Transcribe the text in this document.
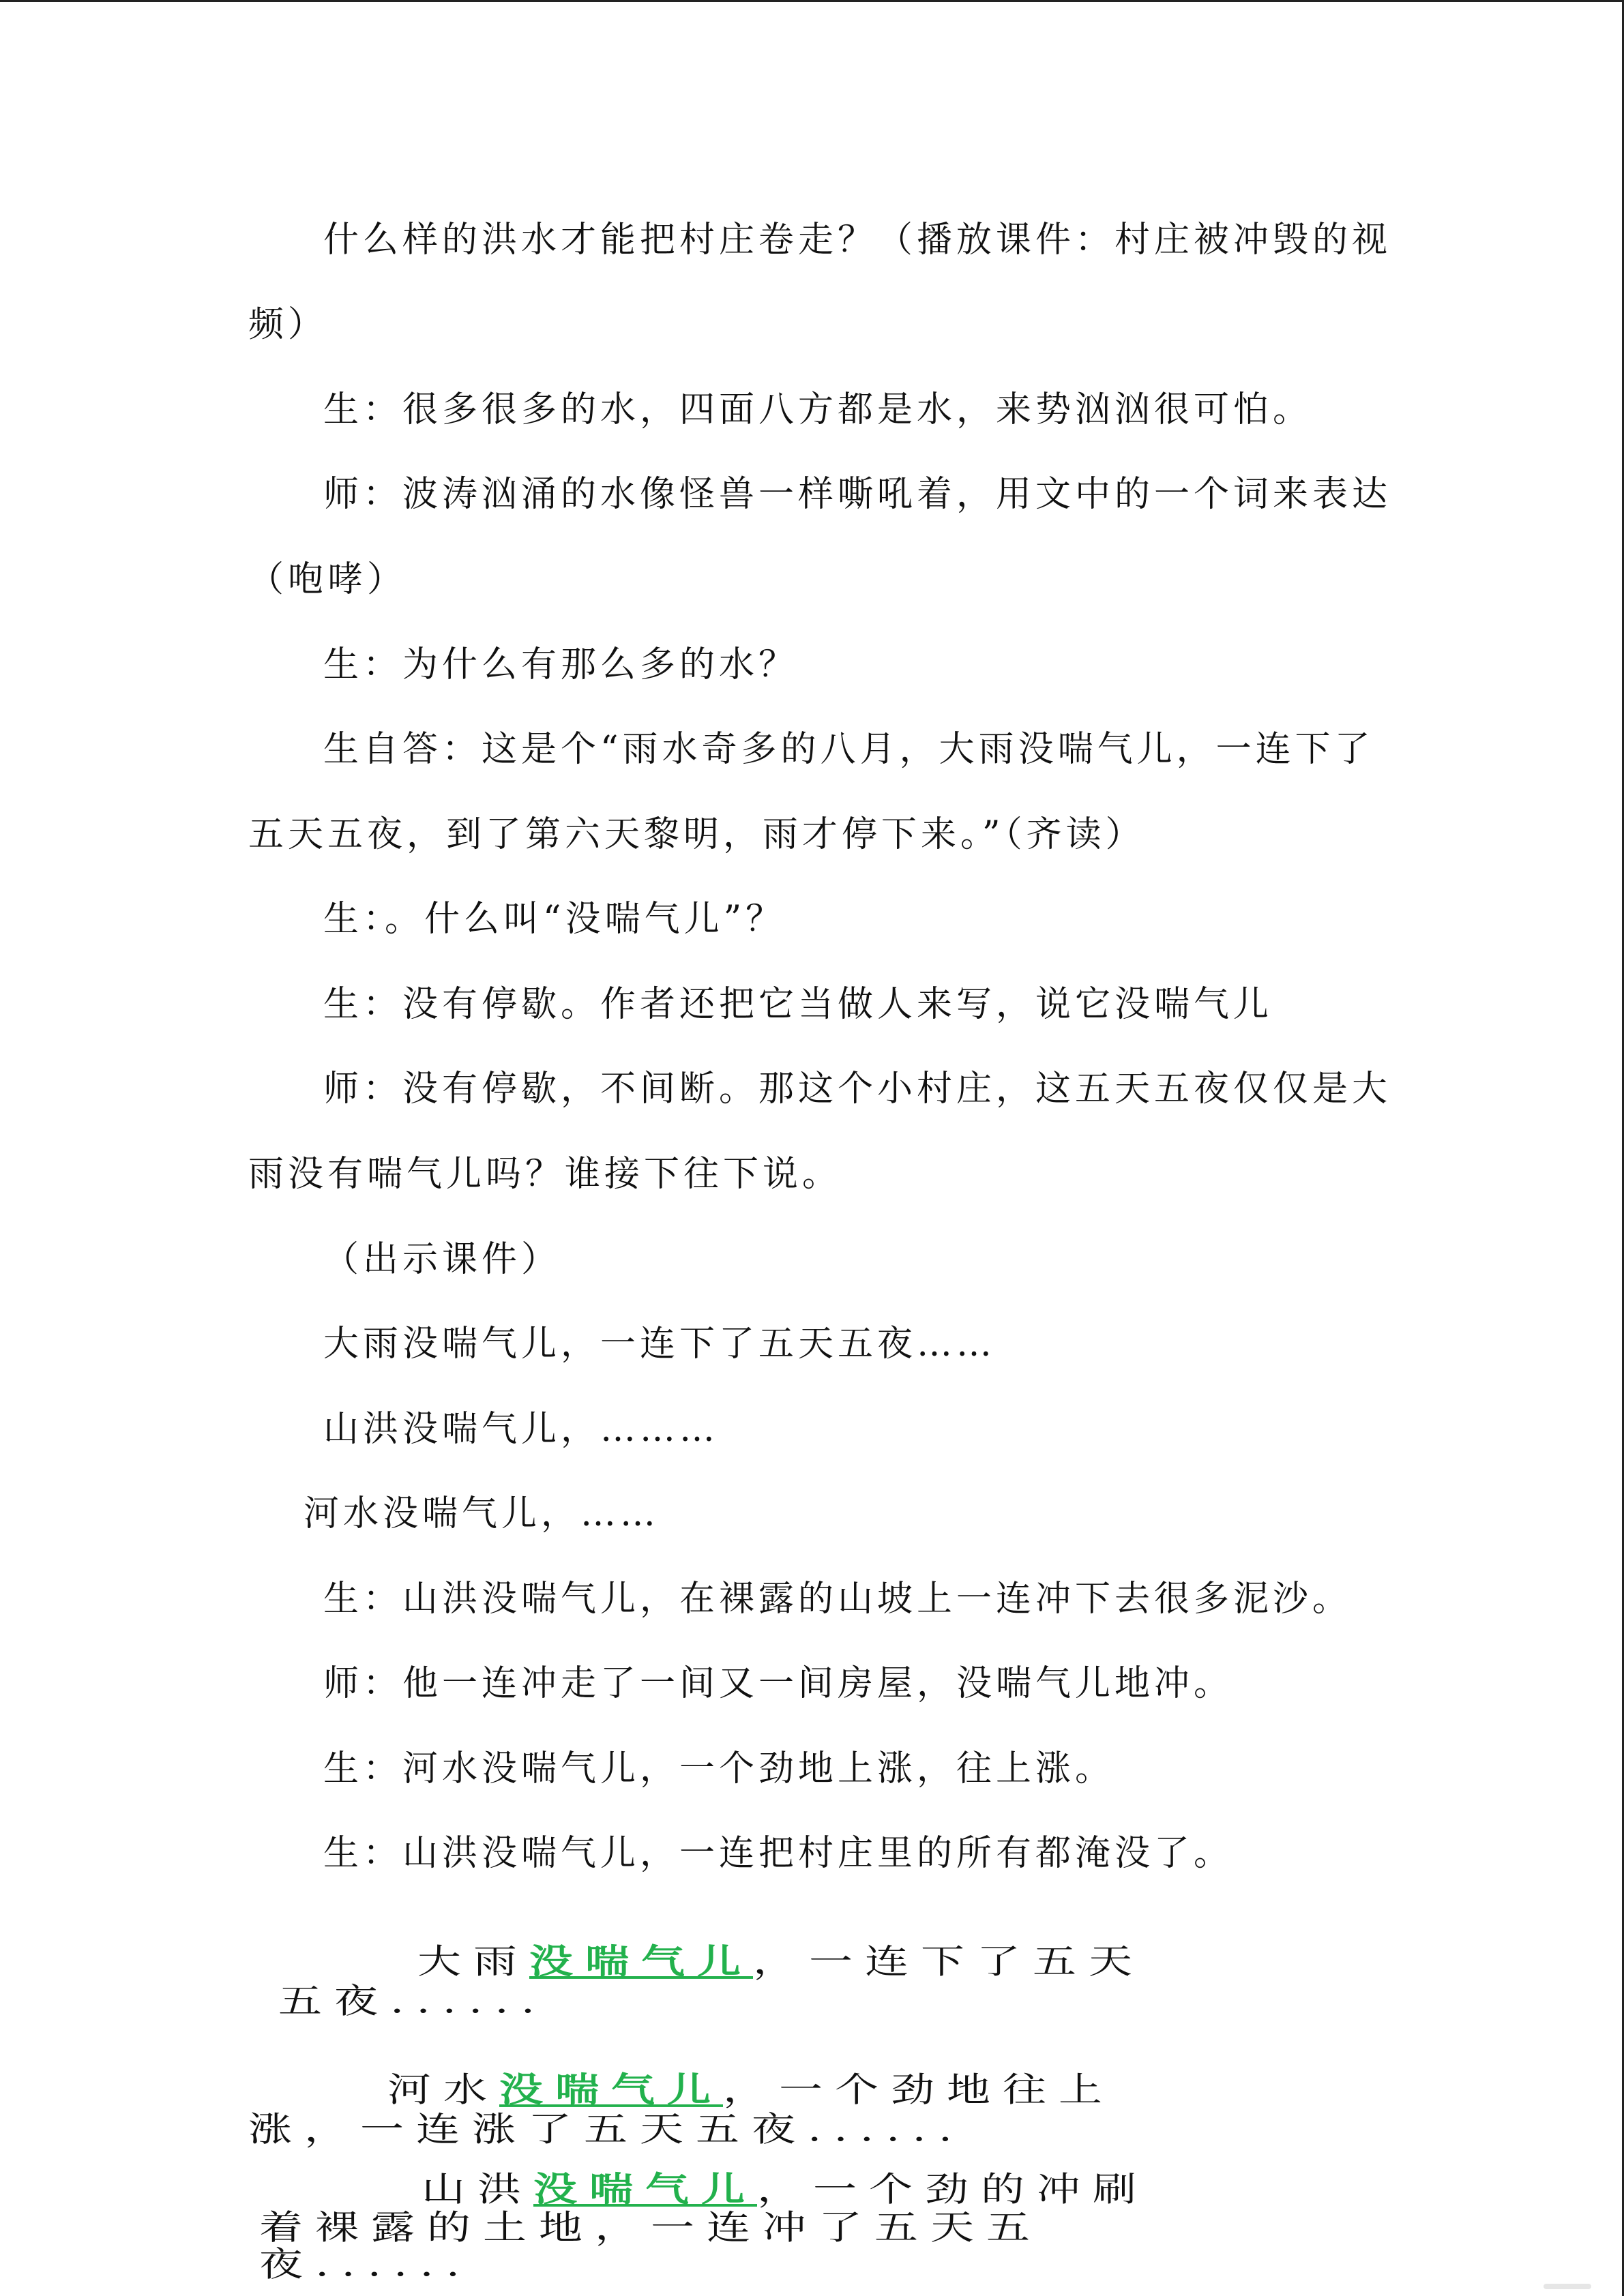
什么样的洪水才能把村庄卷走？（播放课件：村庄被冲毁的视
频）
生：很多很多的水，四面八方都是水，来势汹汹很可怕。
师：波涛汹涌的水像怪兽一样嘶吼着，用文中的一个词来表达
（咆哮）
生：为什么有那么多的水？
生自答：这是个“雨水奇多的八月，大雨没喘气儿，一连下了
五天五夜，到了第六天黎明，雨才停下来。”（齐读）
生：。什么叫“没喘气儿”？
生：没有停歇。作者还把它当做人来写，说它没喘气儿
师：没有停歇，不间断。那这个小村庄，这五天五夜仅仅是大
雨没有喘气儿吗？谁接下往下说。
（出示课件）
大雨没喘气儿，一连下了五天五夜……
山洪没喘气儿，………
河水没喘气儿，……
生：山洪没喘气儿，在裸露的山坡上一连冲下去很多泥沙。
师：他一连冲走了一间又一间房屋，没喘气儿地冲。
生：河水没喘气儿，一个劲地上涨，往上涨。
生：山洪没喘气儿，一连把村庄里的所有都淹没了。
大雨没喘气儿，一连下了五天
五夜......
河水没喘气儿，一个劲地往上
涨，一连涨了五天五夜......
山洪没喘气儿，一个劲的冲刷
着裸露的土地，一连冲了五天五
夜......
